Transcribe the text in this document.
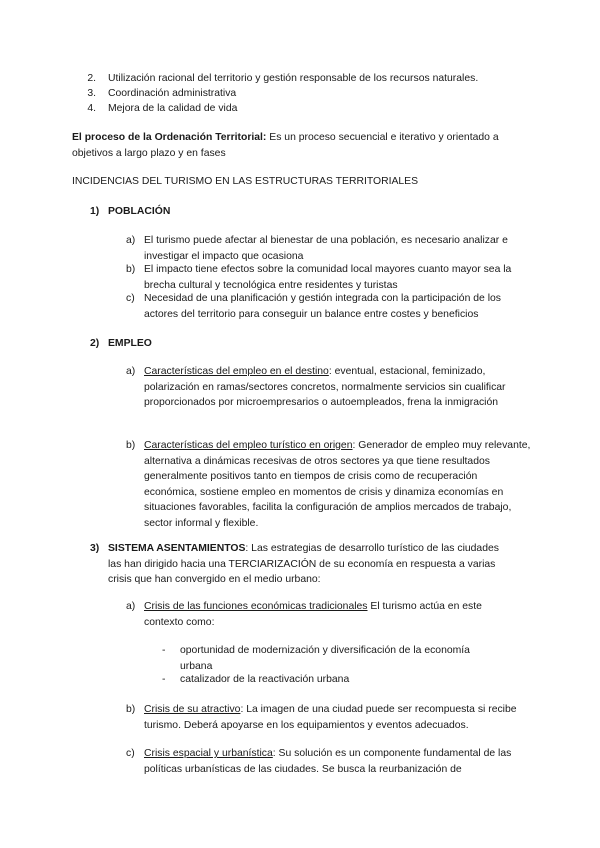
2. Utilización racional del territorio y gestión responsable de los recursos naturales.
3. Coordinación administrativa
4. Mejora de la calidad de vida

El proceso de la Ordenación Territorial: Es un proceso secuencial e iterativo y orientado a objetivos a largo plazo y en fases

INCIDENCIAS DEL TURISMO EN LAS ESTRUCTURAS TERRITORIALES
1) POBLACIÓN
a) El turismo puede afectar al bienestar de una población, es necesario analizar e investigar el impacto que ocasiona

b) El impacto tiene efectos sobre la comunidad local mayores cuanto mayor sea la brecha cultural y tecnológica entre residentes y turistas

c) Necesidad de una planificación y gestión integrada con la participación de los actores del territorio para conseguir un balance entre costes y beneficios

2) EMPLEO
a) Características del empleo en el destino: eventual, estacional, feminizado, polarización en ramas/sectores concretos, normalmente servicios sin cualificar proporcionados por microempresarios o autoempleados, frena la inmigración

b) Características del empleo turístico en origen: Generador de empleo muy relevante, alternativa a dinámicas recesivas de otros sectores ya que tiene resultados generalmente positivos tanto en tiempos de crisis como de recuperación económica, sostiene empleo en momentos de crisis y dinamiza economías en situaciones favorables, facilita la configuración de amplios mercados de trabajo, sector informal y flexible.

3) SISTEMA ASENTAMIENTOS: Las estrategias de desarrollo turístico de las ciudades las han dirigido hacia una TERCIARIZACIÓN de su economía en respuesta a varias crisis que han convergido en el medio urbano:

a) Crisis de las funciones económicas tradicionales El turismo actúa en este contexto como:

- oportunidad de modernización y diversificación de la economía urbana

- catalizador de la reactivación urbana

b) Crisis de su atractivo: La imagen de una ciudad puede ser recompuesta si recibe turismo. Deberá apoyarse en los equipamientos y eventos adecuados.

c) Crisis espacial y urbanística: Su solución es un componente fundamental de las políticas urbanísticas de las ciudades. Se busca la reurbanización de
